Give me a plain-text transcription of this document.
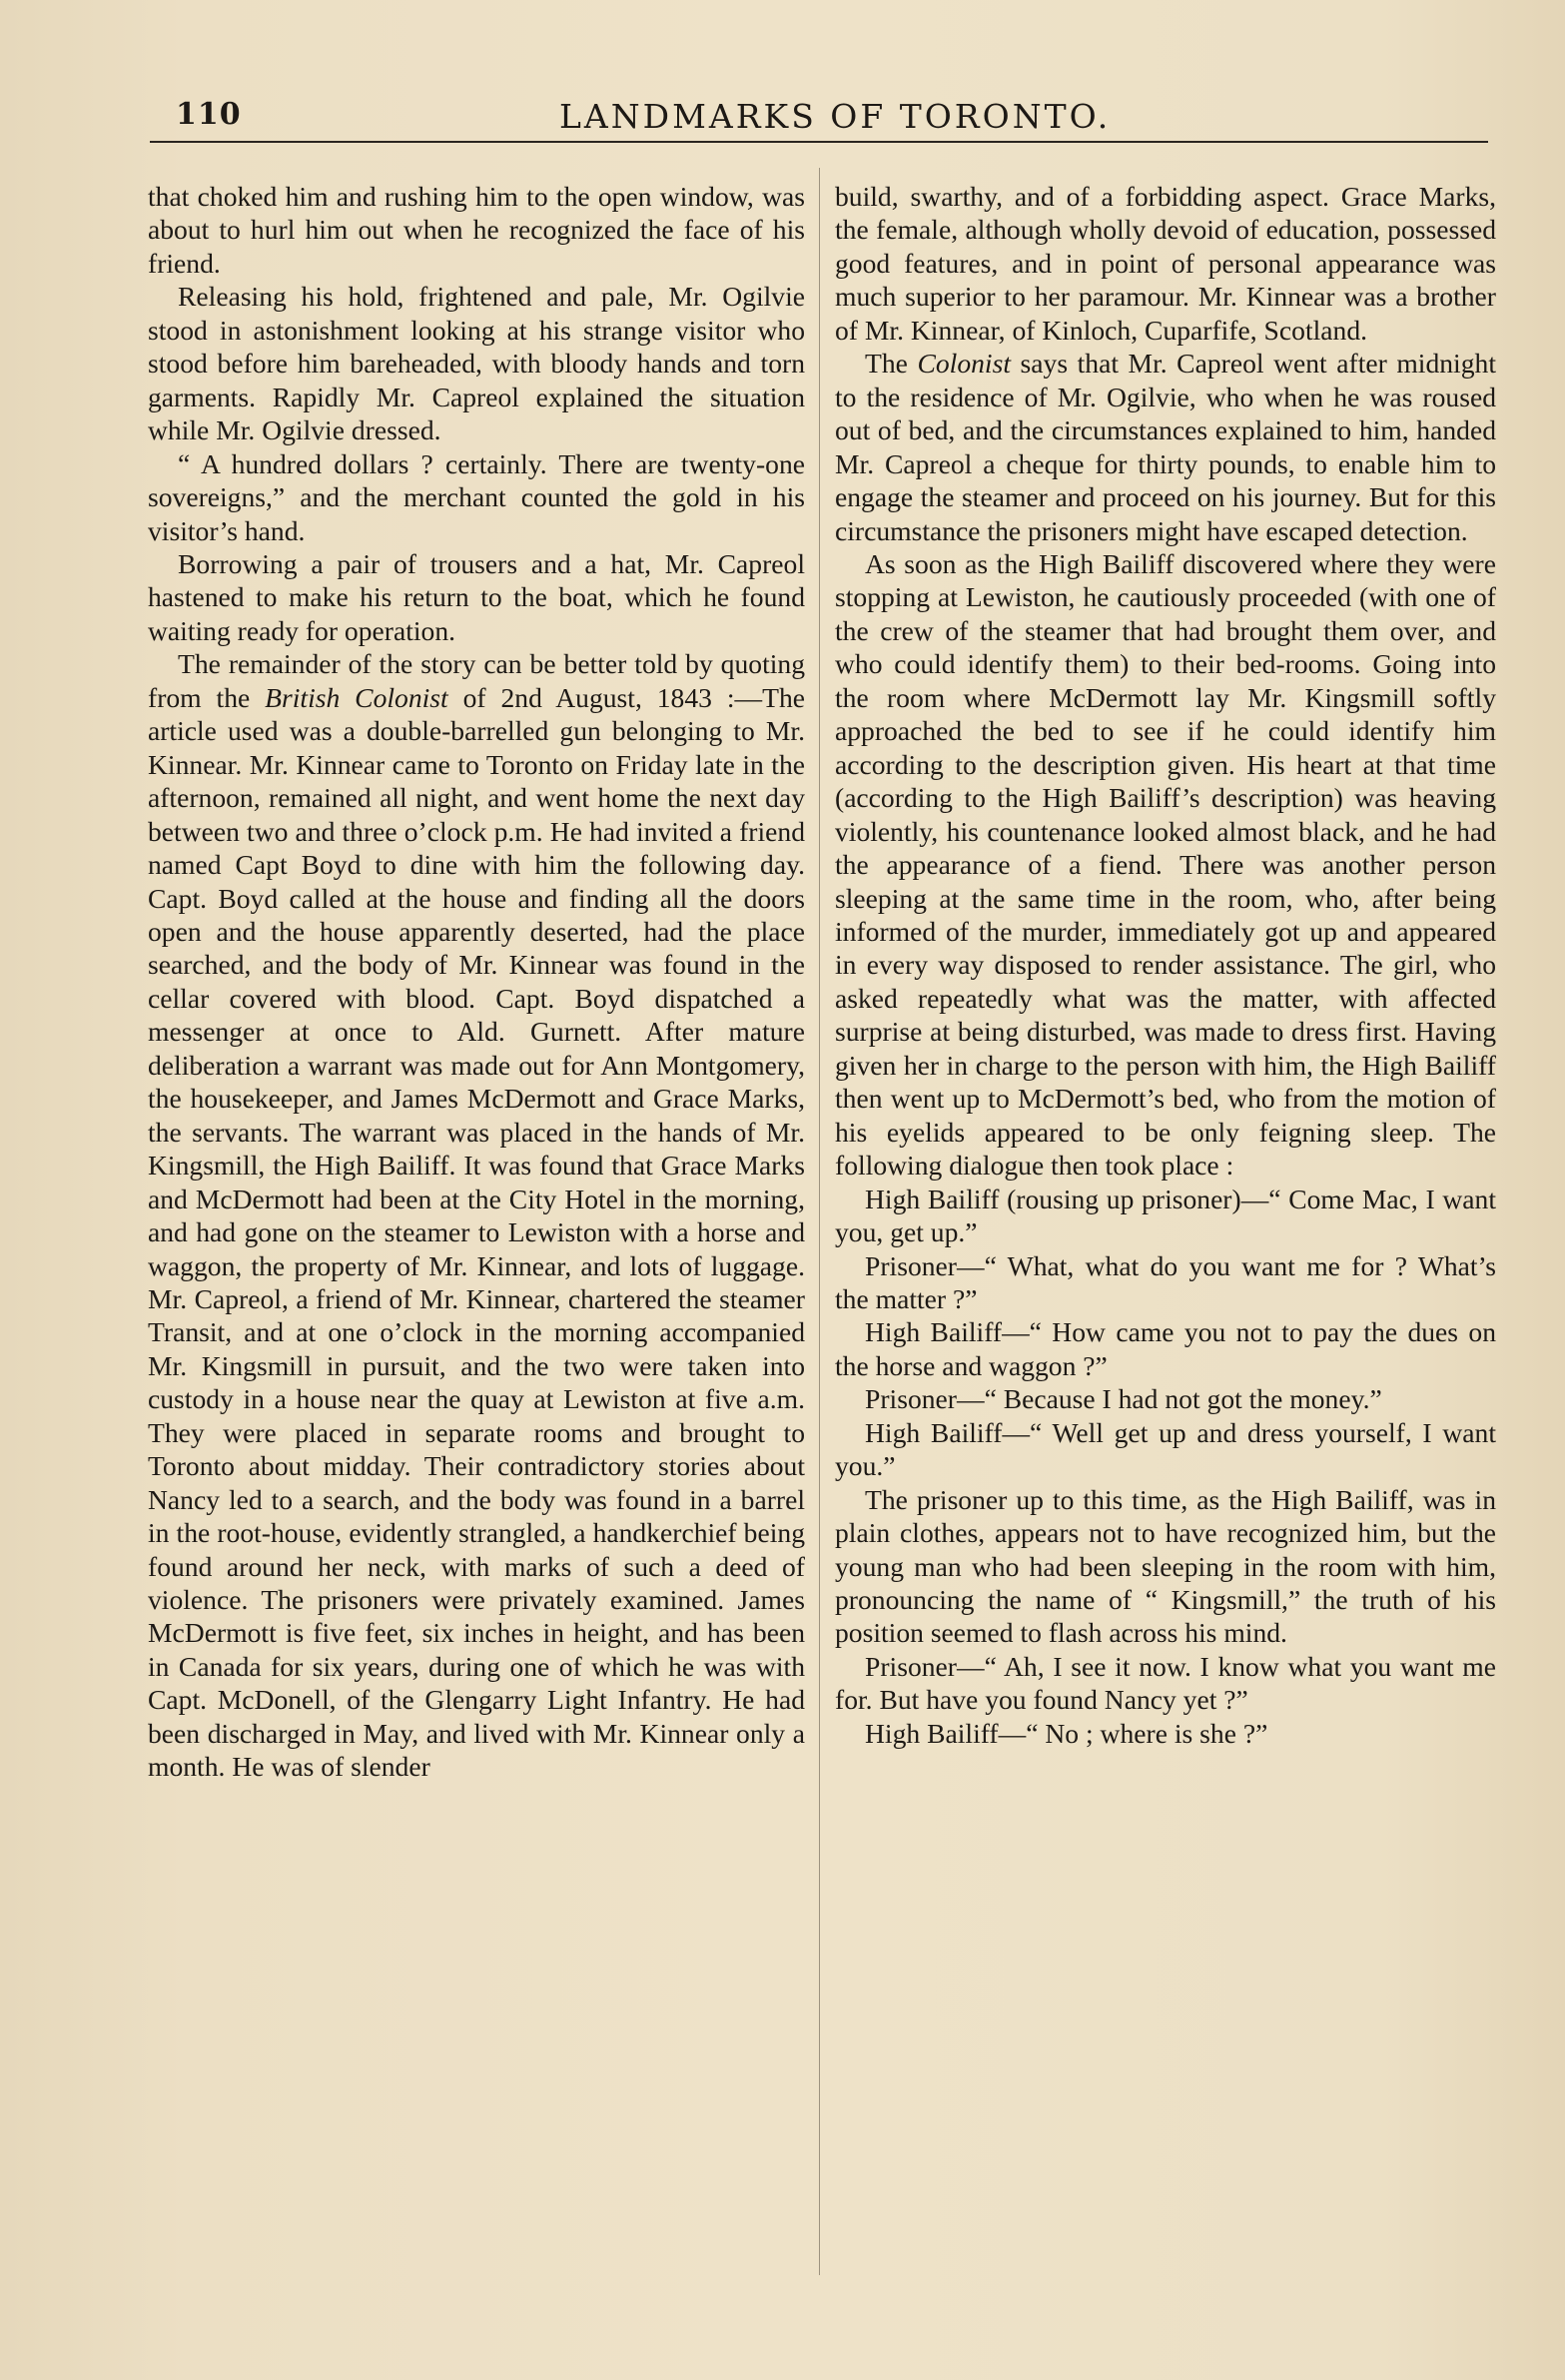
110	LANDMARKS OF TORONTO.

that choked him and rushing him to the open window, was about to hurl him out when he recognized the face of his friend.

Releasing his hold, frightened and pale, Mr. Ogilvie stood in astonishment looking at his strange visitor who stood before him bareheaded, with bloody hands and torn garments. Rapidly Mr. Capreol explained the situation while Mr. Ogilvie dressed.

“ A hundred dollars ? certainly. There are twenty-one sovereigns,” and the merchant counted the gold in his visitor’s hand.

Borrowing a pair of trousers and a hat, Mr. Capreol hastened to make his return to the boat, which he found waiting ready for operation.

The remainder of the story can be better told by quoting from the British Colonist of 2nd August, 1843 :—The article used was a double-barrelled gun belonging to Mr. Kinnear. Mr. Kinnear came to Toronto on Friday late in the afternoon, remained all night, and went home the next day between two and three o’clock p.m. He had invited a friend named Capt Boyd to dine with him the following day. Capt. Boyd called at the house and finding all the doors open and the house apparently deserted, had the place searched, and the body of Mr. Kinnear was found in the cellar covered with blood. Capt. Boyd dispatched a messenger at once to Ald. Gurnett. After mature deliberation a warrant was made out for Ann Montgomery, the housekeeper, and James McDermott and Grace Marks, the servants. The warrant was placed in the hands of Mr. Kingsmill, the High Bailiff. It was found that Grace Marks and McDermott had been at the City Hotel in the morning, and had gone on the steamer to Lewiston with a horse and waggon, the property of Mr. Kinnear, and lots of luggage. Mr. Capreol, a friend of Mr. Kinnear, chartered the steamer Transit, and at one o’clock in the morning accompanied Mr. Kingsmill in pursuit, and the two were taken into custody in a house near the quay at Lewiston at five a.m. They were placed in separate rooms and brought to Toronto about midday. Their contradictory stories about Nancy led to a search, and the body was found in a barrel in the root-house, evidently strangled, a handkerchief being found around her neck, with marks of such a deed of violence. The prisoners were privately examined. James McDermott is five feet, six inches in height, and has been in Canada for six years, during one of which he was with Capt. McDonell, of the Glengarry Light Infantry. He had been discharged in May, and lived with Mr. Kinnear only a month. He was of slender

build, swarthy, and of a forbidding aspect. Grace Marks, the female, although wholly devoid of education, possessed good features, and in point of personal appearance was much superior to her paramour. Mr. Kinnear was a brother of Mr. Kinnear, of Kinloch, Cuparfife, Scotland.

The Colonist says that Mr. Capreol went after midnight to the residence of Mr. Ogilvie, who when he was roused out of bed, and the circumstances explained to him, handed Mr. Capreol a cheque for thirty pounds, to enable him to engage the steamer and proceed on his journey. But for this circumstance the prisoners might have escaped detection.

As soon as the High Bailiff discovered where they were stopping at Lewiston, he cautiously proceeded (with one of the crew of the steamer that had brought them over, and who could identify them) to their bed-rooms. Going into the room where McDermott lay Mr. Kingsmill softly approached the bed to see if he could identify him according to the description given. His heart at that time (according to the High Bailiff’s description) was heaving violently, his countenance looked almost black, and he had the appearance of a fiend. There was another person sleeping at the same time in the room, who, after being informed of the murder, immediately got up and appeared in every way disposed to render assistance. The girl, who asked repeatedly what was the matter, with affected surprise at being disturbed, was made to dress first. Having given her in charge to the person with him, the High Bailiff then went up to McDermott’s bed, who from the motion of his eyelids appeared to be only feigning sleep. The following dialogue then took place :

High Bailiff (rousing up prisoner)—“ Come Mac, I want you, get up.”

Prisoner—“ What, what do you want me for ? What’s the matter ?”

High Bailiff—“ How came you not to pay the dues on the horse and waggon ?”

Prisoner—“ Because I had not got the money.”

High Bailiff—“ Well get up and dress yourself, I want you.”

The prisoner up to this time, as the High Bailiff, was in plain clothes, appears not to have recognized him, but the young man who had been sleeping in the room with him, pronouncing the name of “ Kingsmill,” the truth of his position seemed to flash across his mind.

Prisoner—“ Ah, I see it now. I know what you want me for. But have you found Nancy yet ?”

High Bailiff—“ No ; where is she ?”
